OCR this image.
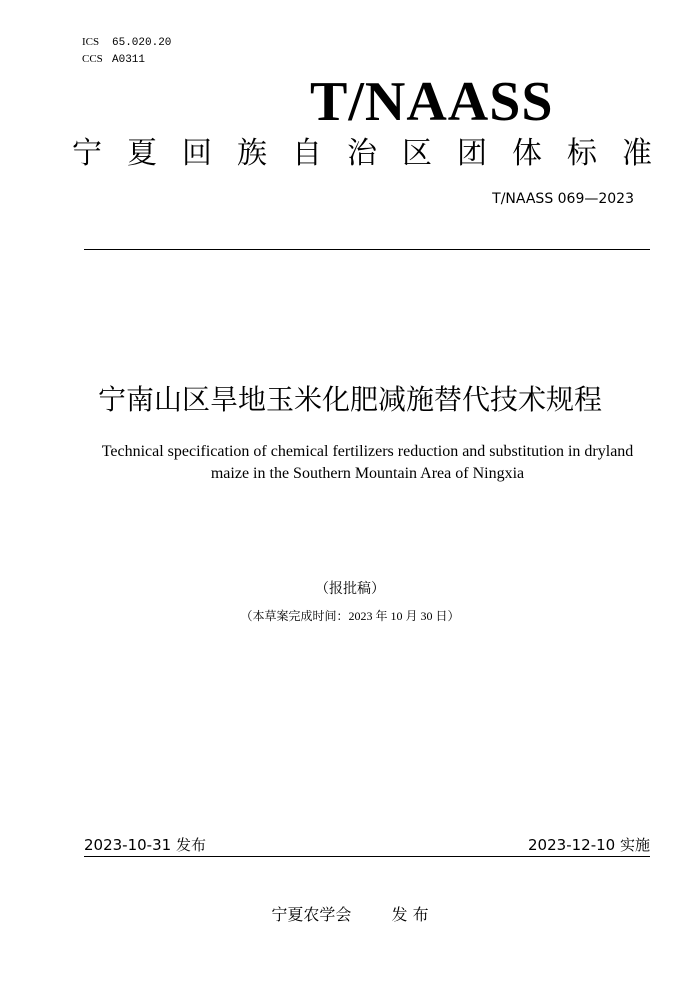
ICS 65.020.20
CCS A0311
T/NAASS
宁 夏 回 族 自 治 区 团 体 标 准
T/NAASS 069—2023
宁南山区旱地玉米化肥减施替代技术规程
Technical specification of chemical fertilizers reduction and substitution in dryland
maize in the Southern Mountain Area of Ningxia
（报批稿）
（本草案完成时间：2023 年 10 月 30 日）
2023-10-31 发布	2023-12-10 实施
宁夏农学会	发 布
